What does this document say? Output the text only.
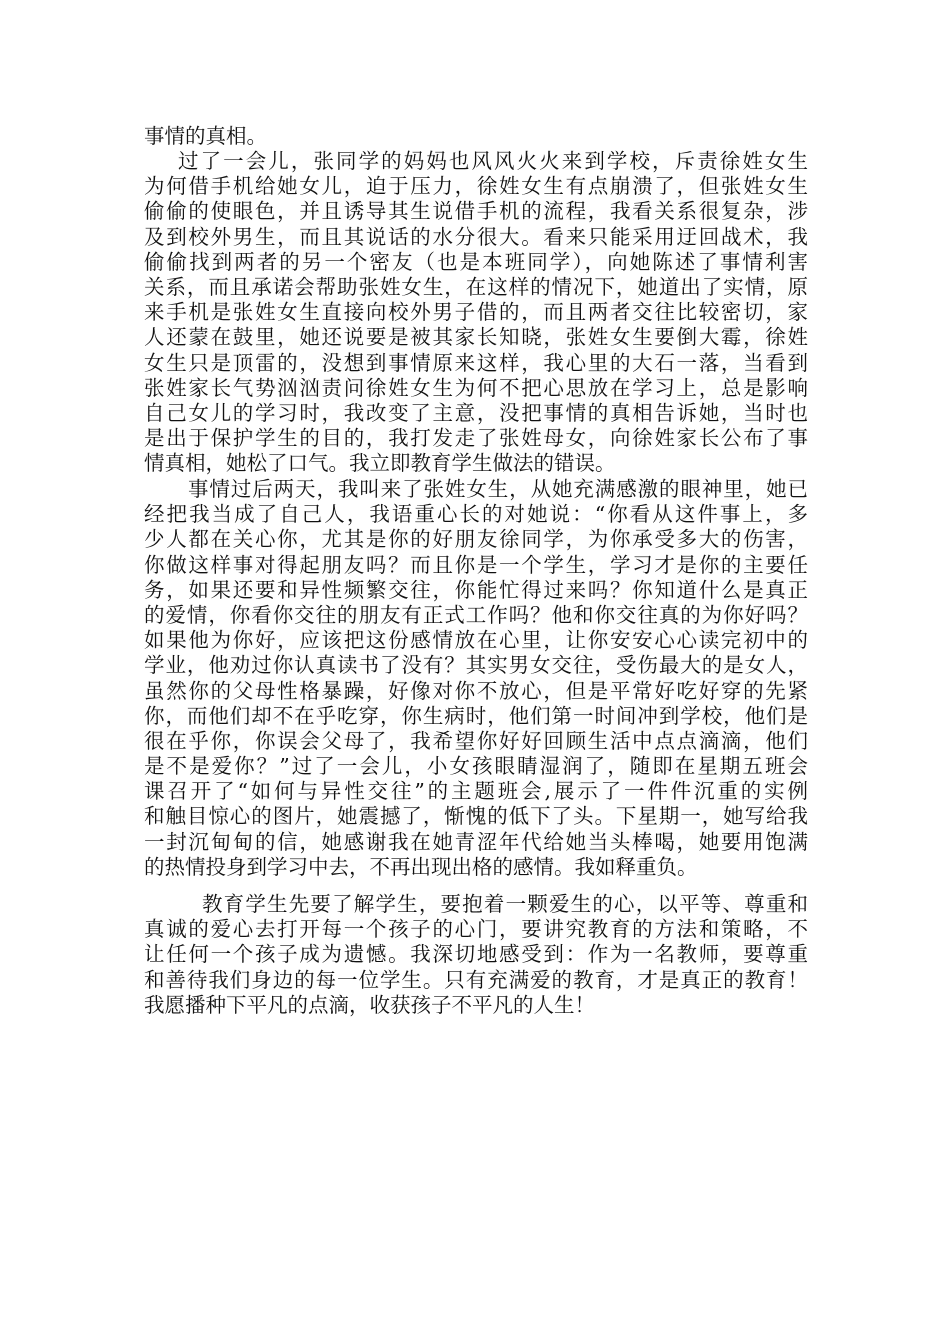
事情的真相。
过了一会儿，张同学的妈妈也风风火火来到学校，斥责徐姓女生
为何借手机给她女儿，迫于压力，徐姓女生有点崩溃了，但张姓女生
偷偷的使眼色，并且诱导其生说借手机的流程，我看关系很复杂，涉
及到校外男生，而且其说话的水分很大。看来只能采用迂回战术，我
偷偷找到两者的另一个密友（也是本班同学），向她陈述了事情利害
关系，而且承诺会帮助张姓女生，在这样的情况下，她道出了实情，原
来手机是张姓女生直接向校外男子借的，而且两者交往比较密切，家
人还蒙在鼓里，她还说要是被其家长知晓，张姓女生要倒大霉，徐姓
女生只是顶雷的，没想到事情原来这样，我心里的大石一落，当看到
张姓家长气势汹汹责问徐姓女生为何不把心思放在学习上，总是影响
自己女儿的学习时，我改变了主意，没把事情的真相告诉她，当时也
是出于保护学生的目的，我打发走了张姓母女，向徐姓家长公布了事
情真相，她松了口气。我立即教育学生做法的错误。
事情过后两天，我叫来了张姓女生，从她充满感激的眼神里，她已
经把我当成了自己人，我语重心长的对她说：“你看从这件事上，多
少人都在关心你，尤其是你的好朋友徐同学，为你承受多大的伤害，
你做这样事对得起朋友吗？而且你是一个学生，学习才是你的主要任
务，如果还要和异性频繁交往，你能忙得过来吗？你知道什么是真正
的爱情，你看你交往的朋友有正式工作吗？他和你交往真的为你好吗？
如果他为你好，应该把这份感情放在心里，让你安安心心读完初中的
学业，他劝过你认真读书了没有？其实男女交往，受伤最大的是女人，
虽然你的父母性格暴躁，好像对你不放心，但是平常好吃好穿的先紧
你，而他们却不在乎吃穿，你生病时，他们第一时间冲到学校，他们是
很在乎你，你误会父母了，我希望你好好回顾生活中点点滴滴，他们
是不是爱你？”过了一会儿，小女孩眼睛湿润了，随即在星期五班会
课召开了“如何与异性交往”的主题班会,展示了一件件沉重的实例
和触目惊心的图片，她震撼了，惭愧的低下了头。下星期一，她写给我
一封沉甸甸的信，她感谢我在她青涩年代给她当头棒喝，她要用饱满
的热情投身到学习中去，不再出现出格的感情。我如释重负。
教育学生先要了解学生，要抱着一颗爱生的心，以平等、尊重和
真诚的爱心去打开每一个孩子的心门，要讲究教育的方法和策略，不
让任何一个孩子成为遗憾。我深切地感受到：作为一名教师，要尊重
和善待我们身边的每一位学生。只有充满爱的教育，才是真正的教育！
我愿播种下平凡的点滴，收获孩子不平凡的人生！
